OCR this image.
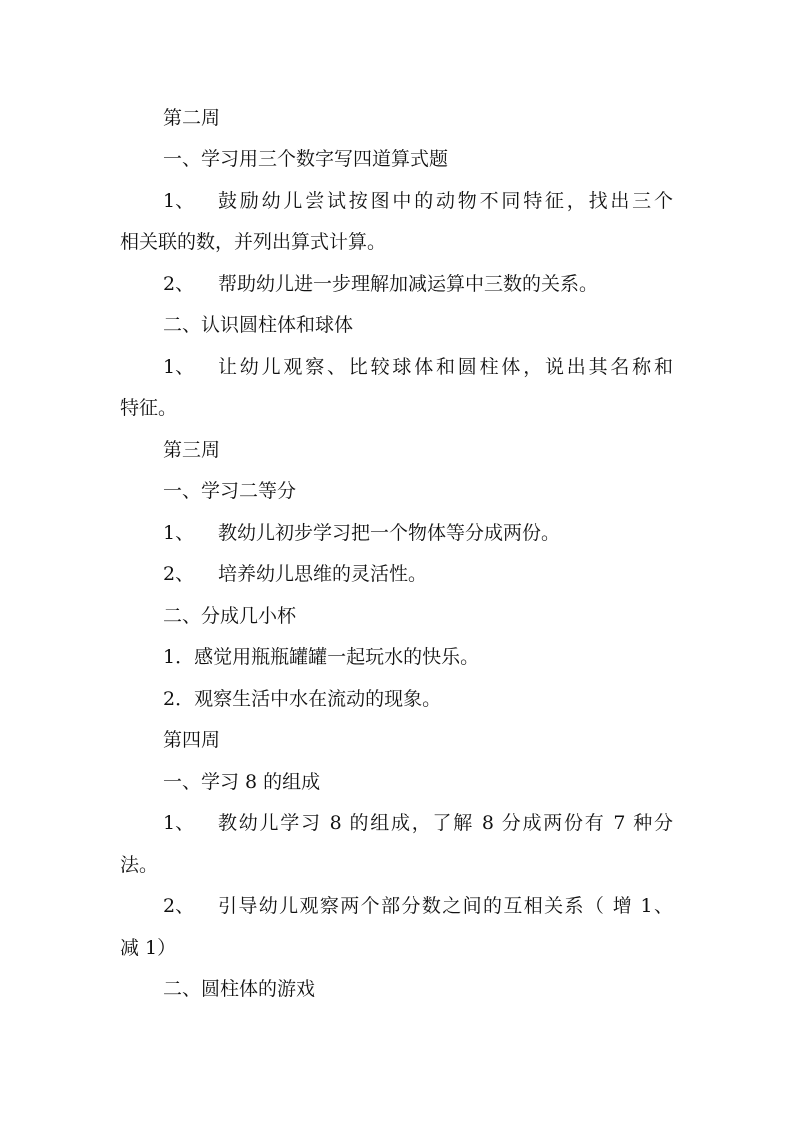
第二周
一、学习用三个数字写四道算式题
1、 鼓励幼儿尝试按图中的动物不同特征，找出三个
相关联的数，并列出算式计算。
2、 帮助幼儿进一步理解加减运算中三数的关系。
二、认识圆柱体和球体
1、 让幼儿观察、比较球体和圆柱体，说出其名称和
特征。
第三周
一、学习二等分
1、 教幼儿初步学习把一个物体等分成两份。
2、 培养幼儿思维的灵活性。
二、分成几小杯
1．感觉用瓶瓶罐罐一起玩水的快乐。
2．观察生活中水在流动的现象。
第四周
一、学习 8 的组成
1、 教幼儿学习 8 的组成，了解 8 分成两份有 7 种分
法。
2、 引导幼儿观察两个部分数之间的互相关系（ 增 1、
减 1）
二、圆柱体的游戏
